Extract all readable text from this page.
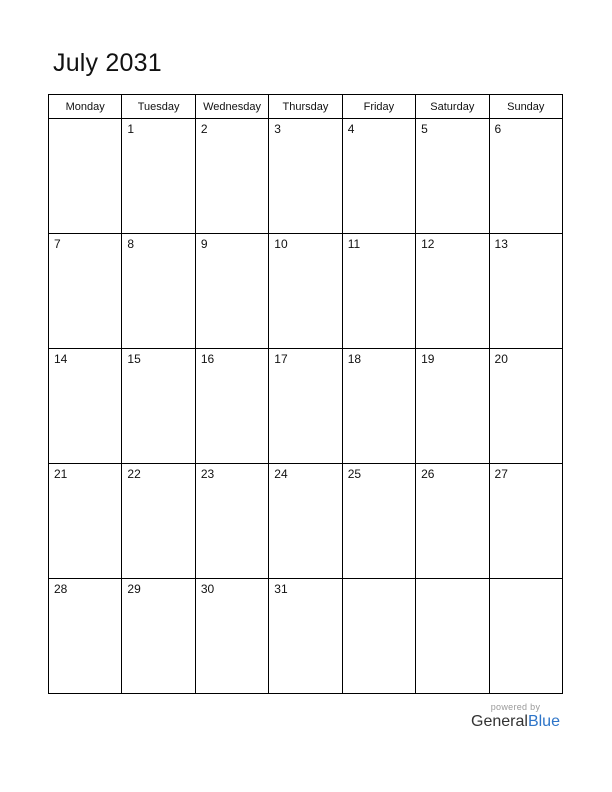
July 2031
Monday	Tuesday	Wednesday	Thursday	Friday	Saturday	Sunday

	1	2	3	4	5	6

7	8	9	10	11	12	13

14	15	16	17	18	19	20

21	22	23	24	25	26	27

28	29	30	31			

powered by
GeneralBlue
